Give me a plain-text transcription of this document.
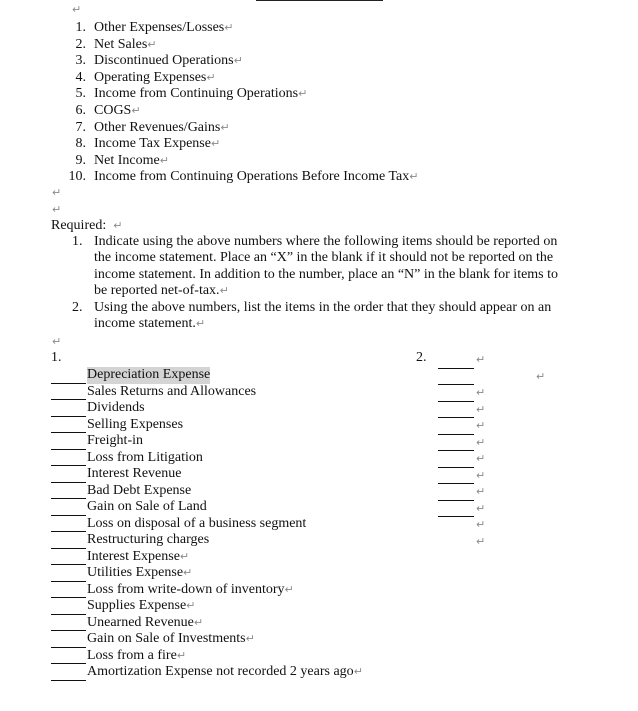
↵
1. Other Expenses/Losses↵
2. Net Sales↵
3. Discontinued Operations↵
4. Operating Expenses↵
5. Income from Continuing Operations↵
6. COGS↵
7. Other Revenues/Gains↵
8. Income Tax Expense↵
9. Net Income↵
10. Income from Continuing Operations Before Income Tax↵
↵
↵
Required: ↵
1. Indicate using the above numbers where the following items should be reported on the income statement. Place an “X” in the blank if it should not be reported on the income statement. In addition to the number, place an “N” in the blank for items to be reported net-of-tax.↵
2. Using the above numbers, list the items in the order that they should appear on an income statement.↵
↵
1.	2.
Depreciation Expense
Sales Returns and Allowances
Dividends
Selling Expenses
Freight-in
Loss from Litigation
Interest Revenue
Bad Debt Expense
Gain on Sale of Land
Loss on disposal of a business segment
Restructuring charges
Interest Expense ↵
Utilities Expense ↵
Loss from write-down of inventory ↵
Supplies Expense ↵
Unearned Revenue ↵
Gain on Sale of Investments ↵
Loss from a fire ↵
Amortization Expense not recorded 2 years ago ↵
↵
↵
↵
↵
↵
↵
↵
↵
↵
↵
↵
↵
